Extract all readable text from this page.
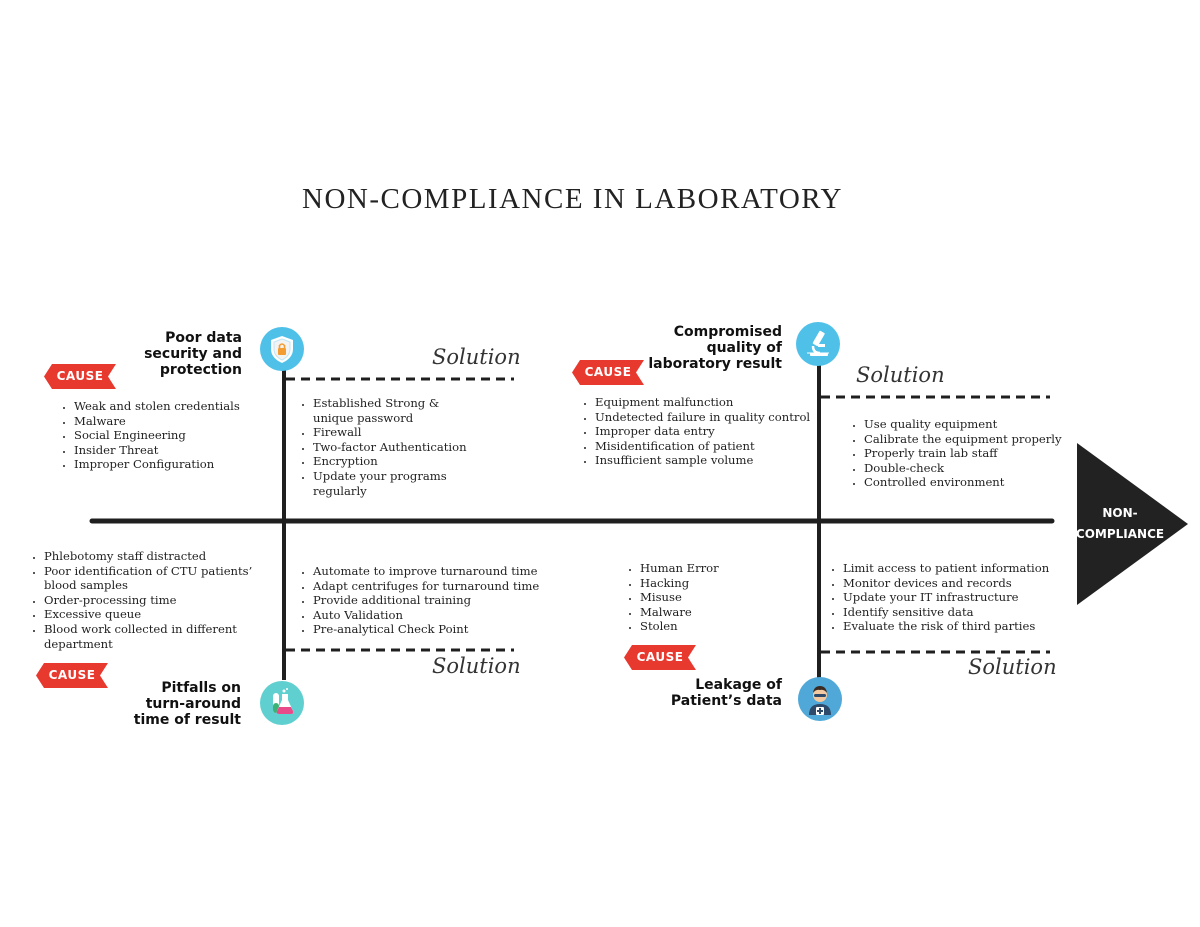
NON-COMPLIANCE IN LABORATORY
NON-
COMPLIANCE
Poor data security and protection
CAUSE
Solution
• Weak and stolen credentials
• Malware
• Social Engineering
• Insider Threat
• Improper Configuration
• Established Strong & unique password
• Firewall
• Two-factor Authentication
• Encryption
• Update your programs regularly
Compromised quality of laboratory result
CAUSE	Solution
• Equipment malfunction
• Undetected failure in quality control
• Improper data entry
• Misidentification of patient
• Insufficient sample volume
• Use quality equipment
• Calibrate the equipment properly
• Properly train lab staff
• Double-check
• Controlled environment
• Phlebotomy staff distracted
• Poor identification of CTU patients’ blood samples
• Order-processing time
• Excessive queue
• Blood work collected in different department
• Automate to improve turnaround time
• Adapt centrifuges for turnaround time
• Provide additional training
• Auto Validation
• Pre-analytical Check Point
CAUSE	Solution
Pitfalls on turn-around time of result
• Human Error
• Hacking
• Misuse
• Malware
• Stolen
• Limit access to patient information
• Monitor devices and records
• Update your IT infrastructure
• Identify sensitive data
• Evaluate the risk of third parties
CAUSE	Solution
Leakage of Patient’s data
